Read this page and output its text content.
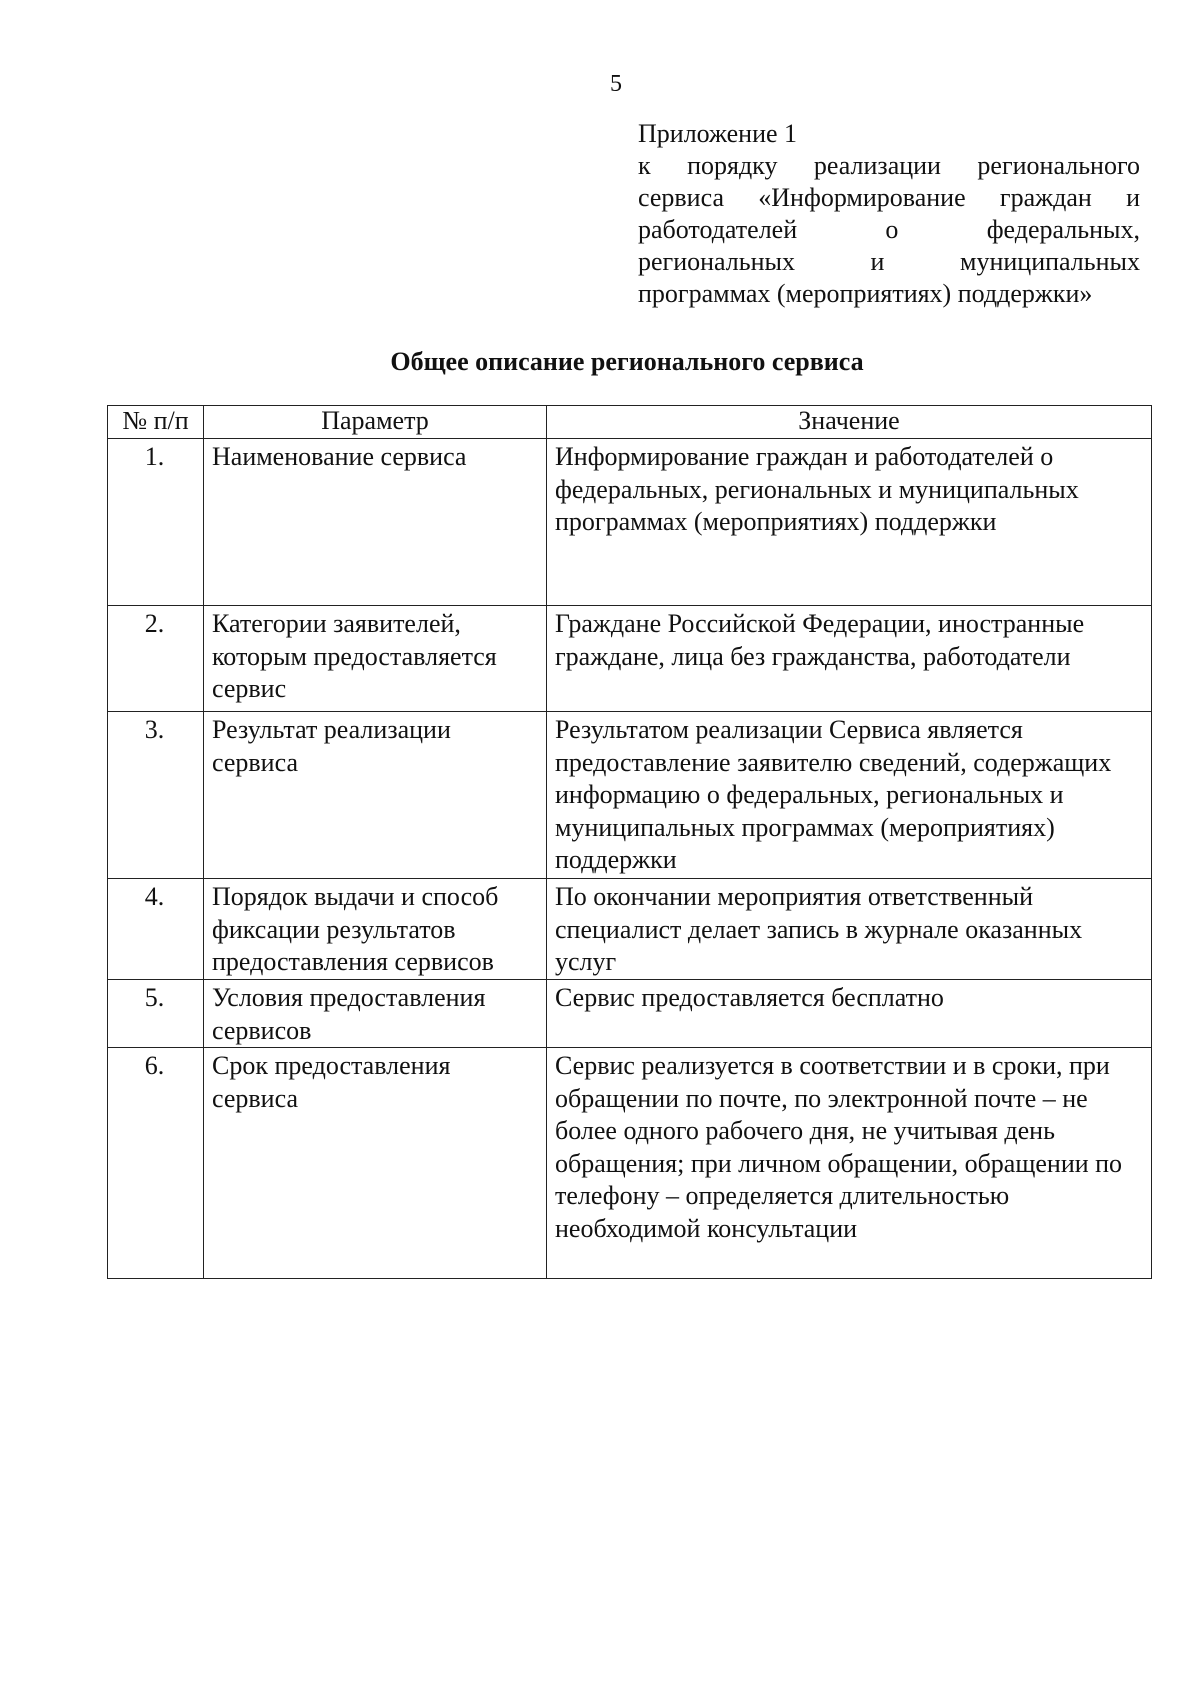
5
Приложение 1
к порядку реализации регионального
сервиса «Информирование граждан и
работодателей о федеральных,
региональных и муниципальных
программах (мероприятиях) поддержки»
Общее описание регионального сервиса
№ п/п	Параметр	Значение
1.	Наименование сервиса	Информирование граждан и работодателей о федеральных, региональных и муниципальных программах (мероприятиях) поддержки
2.	Категории заявителей, которым предоставляется сервис	Граждане Российской Федерации, иностранные граждане, лица без гражданства, работодатели
3.	Результат реализации сервиса	Результатом реализации Сервиса является предоставление заявителю сведений, содержащих информацию о федеральных, региональных и муниципальных программах (мероприятиях) поддержки
4.	Порядок выдачи и способ фиксации результатов предоставления сервисов	По окончании мероприятия ответственный специалист делает запись в журнале оказанных услуг
5.	Условия предоставления сервисов	Сервис предоставляется бесплатно
6.	Срок предоставления сервиса	Сервис реализуется в соответствии и в сроки, при обращении по почте, по электронной почте – не более одного рабочего дня, не учитывая день обращения; при личном обращении, обращении по телефону – определяется длительностью необходимой консультации
